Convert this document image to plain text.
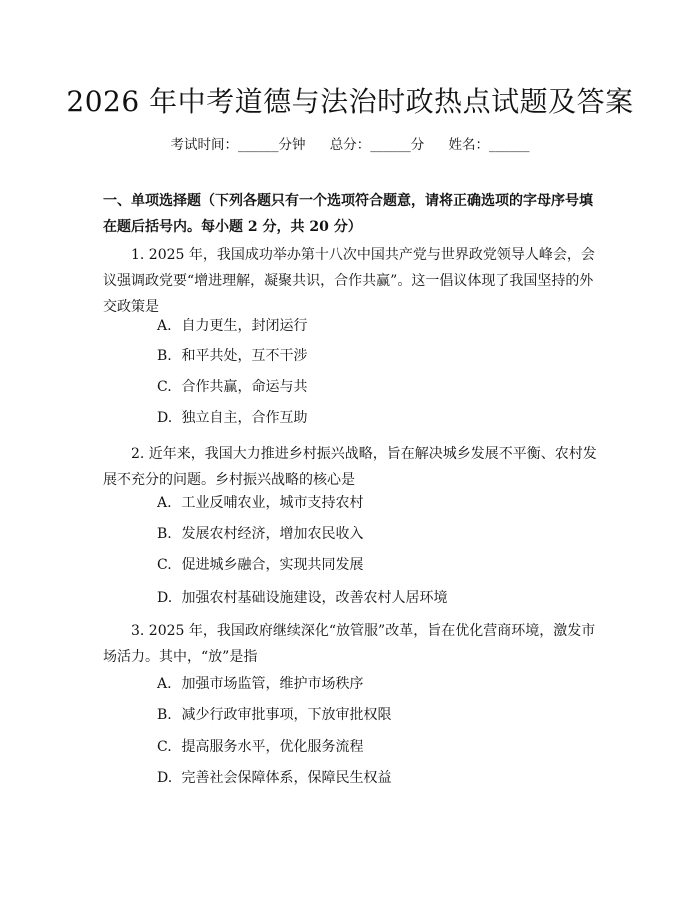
2026 年中考道德与法治时政热点试题及答案
考试时间：______分钟 总分：______分 姓名：______
一、单项选择题（下列各题只有一个选项符合题意，请将正确选项的字母序号填在题后括号内。每小题 2 分，共 20 分）
1. 2025 年，我国成功举办第十八次中国共产党与世界政党领导人峰会，会议强调政党要“增进理解，凝聚共识，合作共赢”。这一倡议体现了我国坚持的外交政策是
A. 自力更生，封闭运行
B. 和平共处，互不干涉
C. 合作共赢，命运与共
D. 独立自主，合作互助
2. 近年来，我国大力推进乡村振兴战略，旨在解决城乡发展不平衡、农村发展不充分的问题。乡村振兴战略的核心是
A. 工业反哺农业，城市支持农村
B. 发展农村经济，增加农民收入
C. 促进城乡融合，实现共同发展
D. 加强农村基础设施建设，改善农村人居环境
3. 2025 年，我国政府继续深化“放管服”改革，旨在优化营商环境，激发市场活力。其中，“放”是指
A. 加强市场监管，维护市场秩序
B. 减少行政审批事项，下放审批权限
C. 提高服务水平，优化服务流程
D. 完善社会保障体系，保障民生权益
